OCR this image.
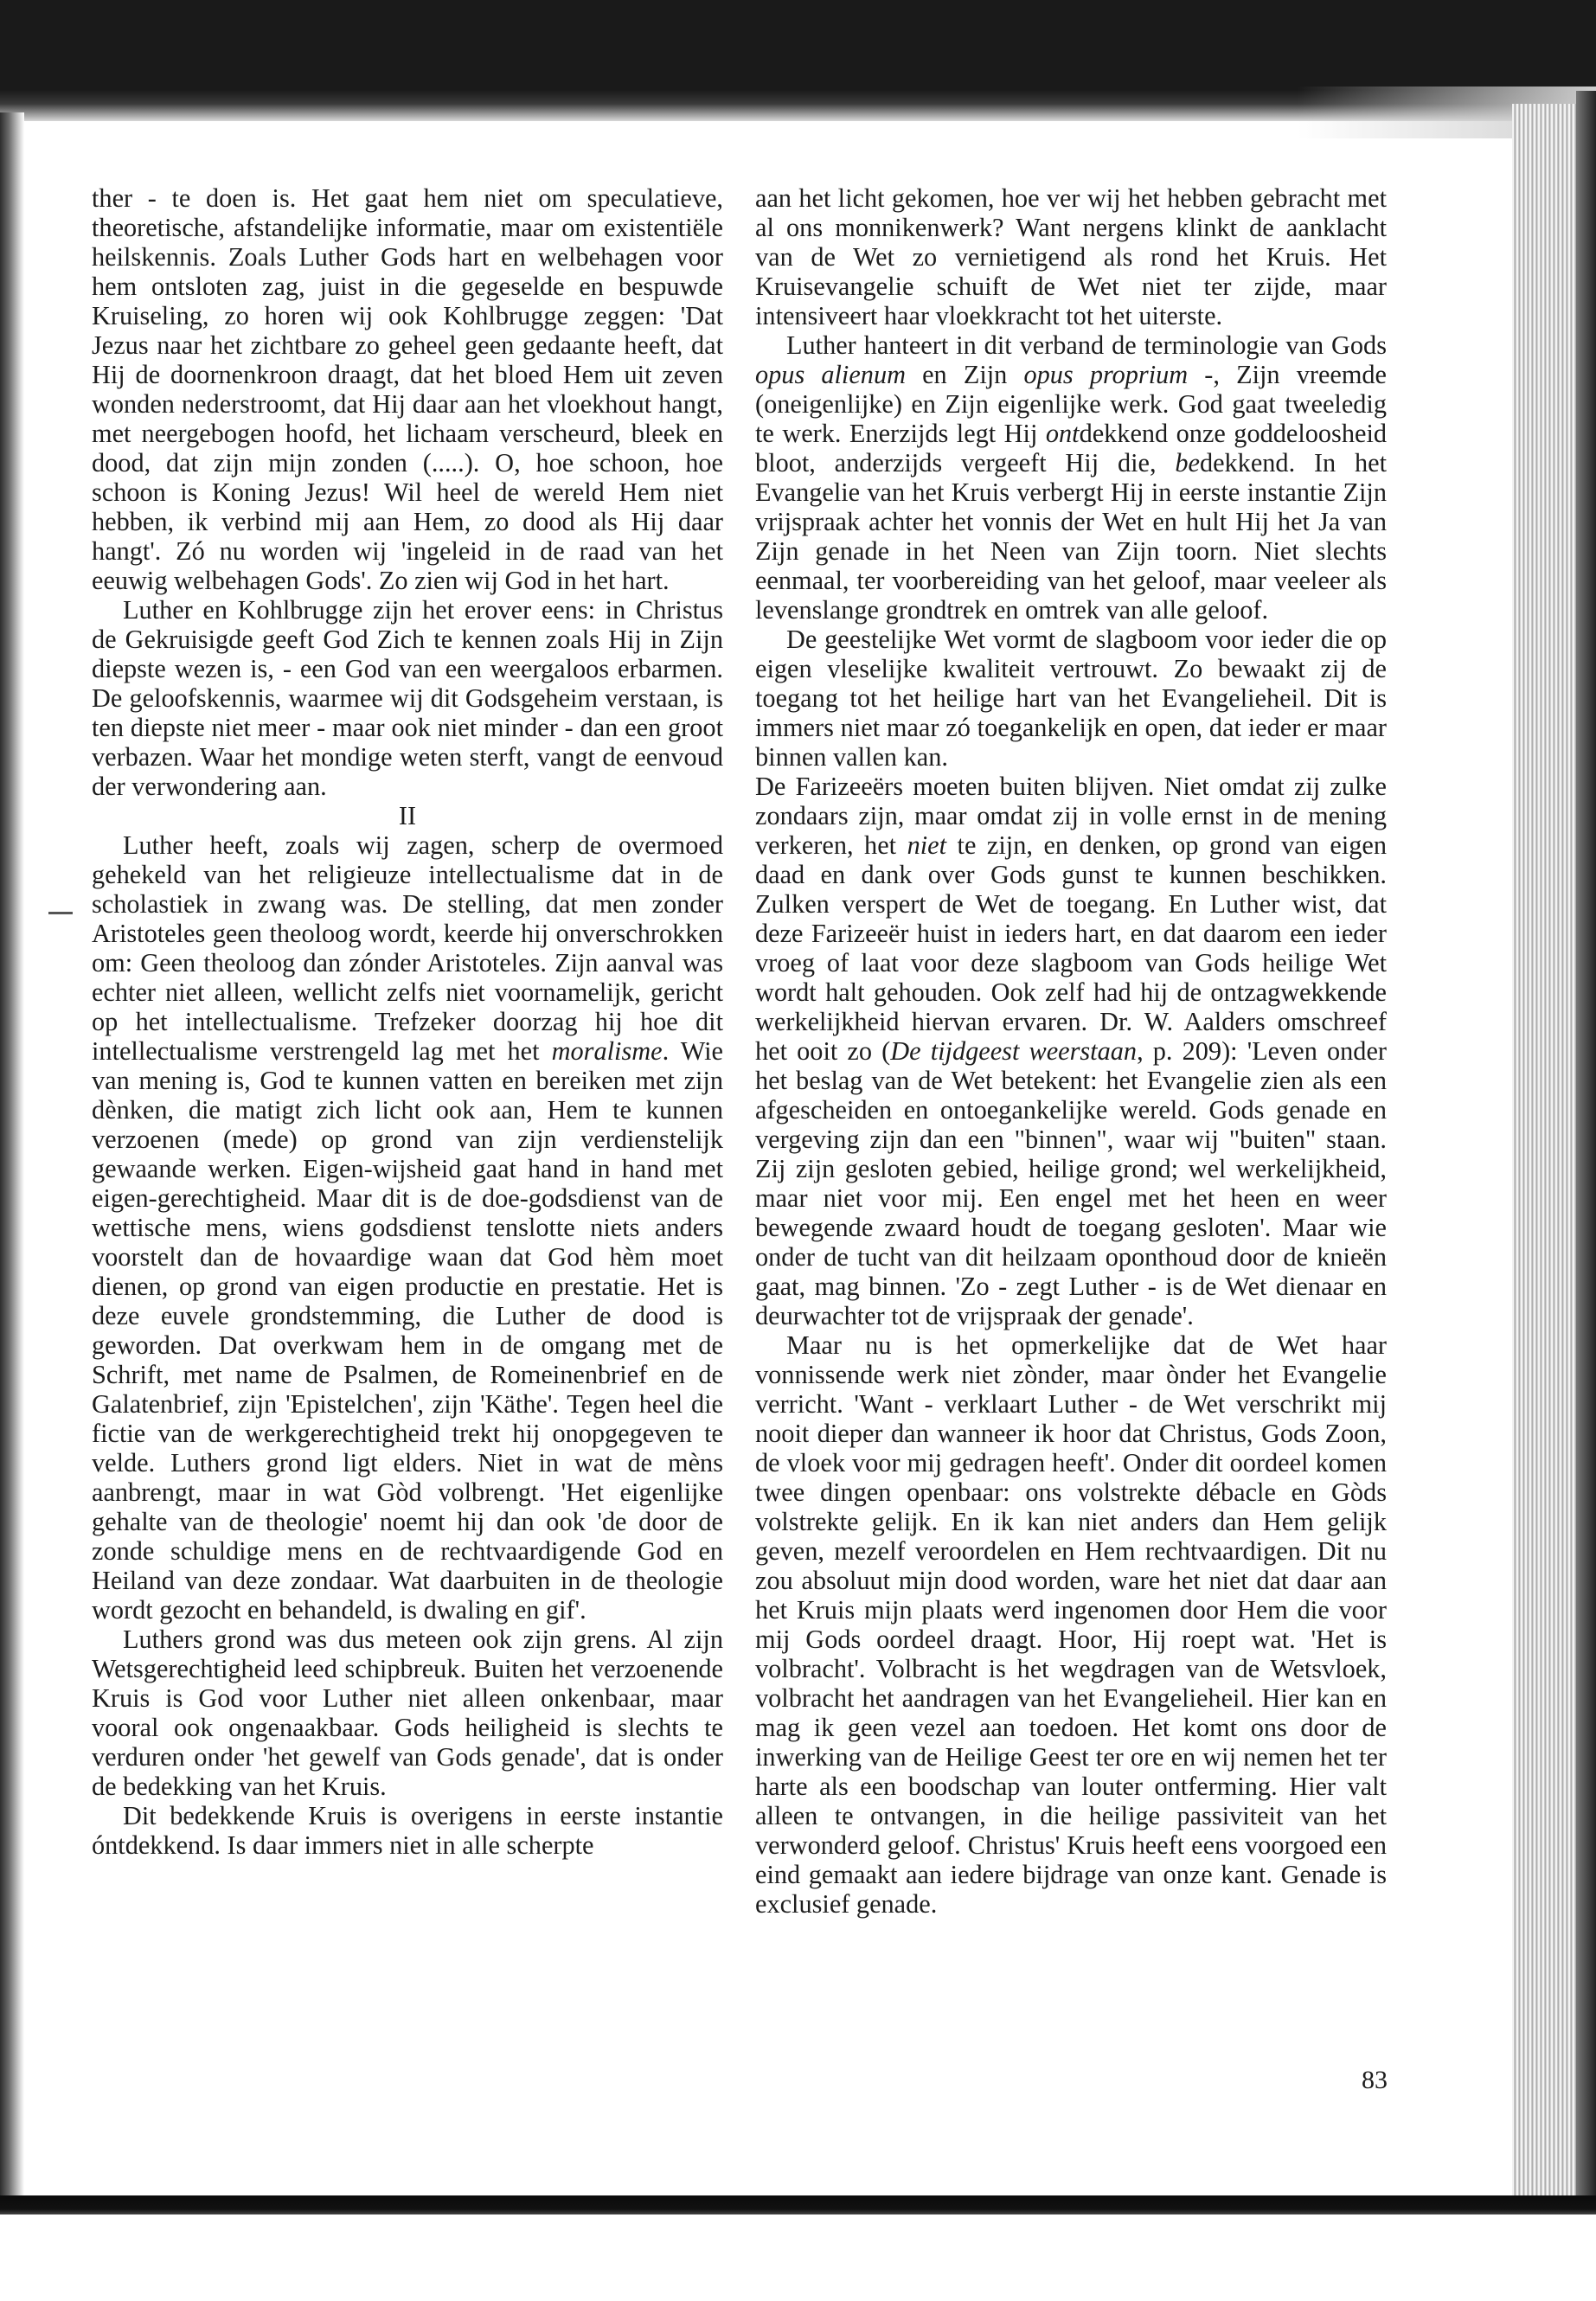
ther - te doen is. Het gaat hem niet om speculatieve, theoretische, afstandelijke informatie, maar om existentiële heilskennis. Zoals Luther Gods hart en welbehagen voor hem ontsloten zag, juist in die gegeselde en bespuwde Kruiseling, zo horen wij ook Kohlbrugge zeggen: 'Dat Jezus naar het zichtbare zo geheel geen gedaante heeft, dat Hij de doornenkroon draagt, dat het bloed Hem uit zeven wonden nederstroomt, dat Hij daar aan het vloekhout hangt, met neergebogen hoofd, het lichaam verscheurd, bleek en dood, dat zijn mijn zonden (.....). O, hoe schoon, hoe schoon is Koning Jezus! Wil heel de wereld Hem niet hebben, ik verbind mij aan Hem, zo dood als Hij daar hangt'. Zó nu worden wij 'ingeleid in de raad van het eeuwig welbehagen Gods'. Zo zien wij God in het hart.

Luther en Kohlbrugge zijn het erover eens: in Christus de Gekruisigde geeft God Zich te kennen zoals Hij in Zijn diepste wezen is, - een God van een weergaloos erbarmen. De geloofskennis, waarmee wij dit Godsgeheim verstaan, is ten diepste niet meer - maar ook niet minder - dan een groot verbazen. Waar het mondige weten sterft, vangt de eenvoud der verwondering aan.

II

Luther heeft, zoals wij zagen, scherp de overmoed gehekeld van het religieuze intellectualisme dat in de scholastiek in zwang was. De stelling, dat men zonder Aristoteles geen theoloog wordt, keerde hij onverschrokken om: Geen theoloog dan zónder Aristoteles. Zijn aanval was echter niet alleen, wellicht zelfs niet voornamelijk, gericht op het intellectualisme. Trefzeker doorzag hij hoe dit intellectualisme verstrengeld lag met het moralisme. Wie van mening is, God te kunnen vatten en bereiken met zijn dènken, die matigt zich licht ook aan, Hem te kunnen verzoenen (mede) op grond van zijn verdienstelijk gewaande werken. Eigen-wijsheid gaat hand in hand met eigen-gerechtigheid. Maar dit is de doe-godsdienst van de wettische mens, wiens godsdienst tenslotte niets anders voorstelt dan de hovaardige waan dat God hèm moet dienen, op grond van eigen productie en prestatie. Het is deze euvele grondstemming, die Luther de dood is geworden. Dat overkwam hem in de omgang met de Schrift, met name de Psalmen, de Romeinenbrief en de Galatenbrief, zijn 'Epistelchen', zijn 'Käthe'. Tegen heel die fictie van de werkgerechtigheid trekt hij onopgegeven te velde. Luthers grond ligt elders. Niet in wat de mèns aanbrengt, maar in wat Gòd volbrengt. 'Het eigenlijke gehalte van de theologie' noemt hij dan ook 'de door de zonde schuldige mens en de rechtvaardigende God en Heiland van deze zondaar. Wat daarbuiten in de theologie wordt gezocht en behandeld, is dwaling en gif'.

Luthers grond was dus meteen ook zijn grens. Al zijn Wetsgerechtigheid leed schipbreuk. Buiten het verzoenende Kruis is God voor Luther niet alleen onkenbaar, maar vooral ook ongenaakbaar. Gods heiligheid is slechts te verduren onder 'het gewelf van Gods genade', dat is onder de bedekking van het Kruis.

Dit bedekkende Kruis is overigens in eerste instantie óntdekkend. Is daar immers niet in alle scherpte

aan het licht gekomen, hoe ver wij het hebben gebracht met al ons monnikenwerk? Want nergens klinkt de aanklacht van de Wet zo vernietigend als rond het Kruis. Het Kruisevangelie schuift de Wet niet ter zijde, maar intensiveert haar vloekkracht tot het uiterste.

Luther hanteert in dit verband de terminologie van Gods opus alienum en Zijn opus proprium -, Zijn vreemde (oneigenlijke) en Zijn eigenlijke werk. God gaat tweeledig te werk. Enerzijds legt Hij ontdekkend onze goddeloosheid bloot, anderzijds vergeeft Hij die, bedekkend. In het Evangelie van het Kruis verbergt Hij in eerste instantie Zijn vrijspraak achter het vonnis der Wet en hult Hij het Ja van Zijn genade in het Neen van Zijn toorn. Niet slechts eenmaal, ter voorbereiding van het geloof, maar veeleer als levenslange grondtrek en omtrek van alle geloof.

De geestelijke Wet vormt de slagboom voor ieder die op eigen vleselijke kwaliteit vertrouwt. Zo bewaakt zij de toegang tot het heilige hart van het Evangelieheil. Dit is immers niet maar zó toegankelijk en open, dat ieder er maar binnen vallen kan.

De Farizeeërs moeten buiten blijven. Niet omdat zij zulke zondaars zijn, maar omdat zij in volle ernst in de mening verkeren, het niet te zijn, en denken, op grond van eigen daad en dank over Gods gunst te kunnen beschikken. Zulken verspert de Wet de toegang. En Luther wist, dat deze Farizeeër huist in ieders hart, en dat daarom een ieder vroeg of laat voor deze slagboom van Gods heilige Wet wordt halt gehouden. Ook zelf had hij de ontzagwekkende werkelijkheid hiervan ervaren. Dr. W. Aalders omschreef het ooit zo (De tijdgeest weerstaan, p. 209): 'Leven onder het beslag van de Wet betekent: het Evangelie zien als een afgescheiden en ontoegankelijke wereld. Gods genade en vergeving zijn dan een "binnen", waar wij "buiten" staan. Zij zijn gesloten gebied, heilige grond; wel werkelijkheid, maar niet voor mij. Een engel met het heen en weer bewegende zwaard houdt de toegang gesloten'. Maar wie onder de tucht van dit heilzaam oponthoud door de knieën gaat, mag binnen. 'Zo - zegt Luther - is de Wet dienaar en deurwachter tot de vrijspraak der genade'.

Maar nu is het opmerkelijke dat de Wet haar vonnissende werk niet zònder, maar ònder het Evangelie verricht. 'Want - verklaart Luther - de Wet verschrikt mij nooit dieper dan wanneer ik hoor dat Christus, Gods Zoon, de vloek voor mij gedragen heeft'. Onder dit oordeel komen twee dingen openbaar: ons volstrekte débacle en Gòds volstrekte gelijk. En ik kan niet anders dan Hem gelijk geven, mezelf veroordelen en Hem rechtvaardigen. Dit nu zou absoluut mijn dood worden, ware het niet dat daar aan het Kruis mijn plaats werd ingenomen door Hem die voor mij Gods oordeel draagt. Hoor, Hij roept wat. 'Het is volbracht'. Volbracht is het wegdragen van de Wetsvloek, volbracht het aandragen van het Evangelieheil. Hier kan en mag ik geen vezel aan toedoen. Het komt ons door de inwerking van de Heilige Geest ter ore en wij nemen het ter harte als een boodschap van louter ontferming. Hier valt alleen te ontvangen, in die heilige passiviteit van het verwonderd geloof. Christus' Kruis heeft eens voorgoed een eind gemaakt aan iedere bijdrage van onze kant. Genade is exclusief genade.

83
